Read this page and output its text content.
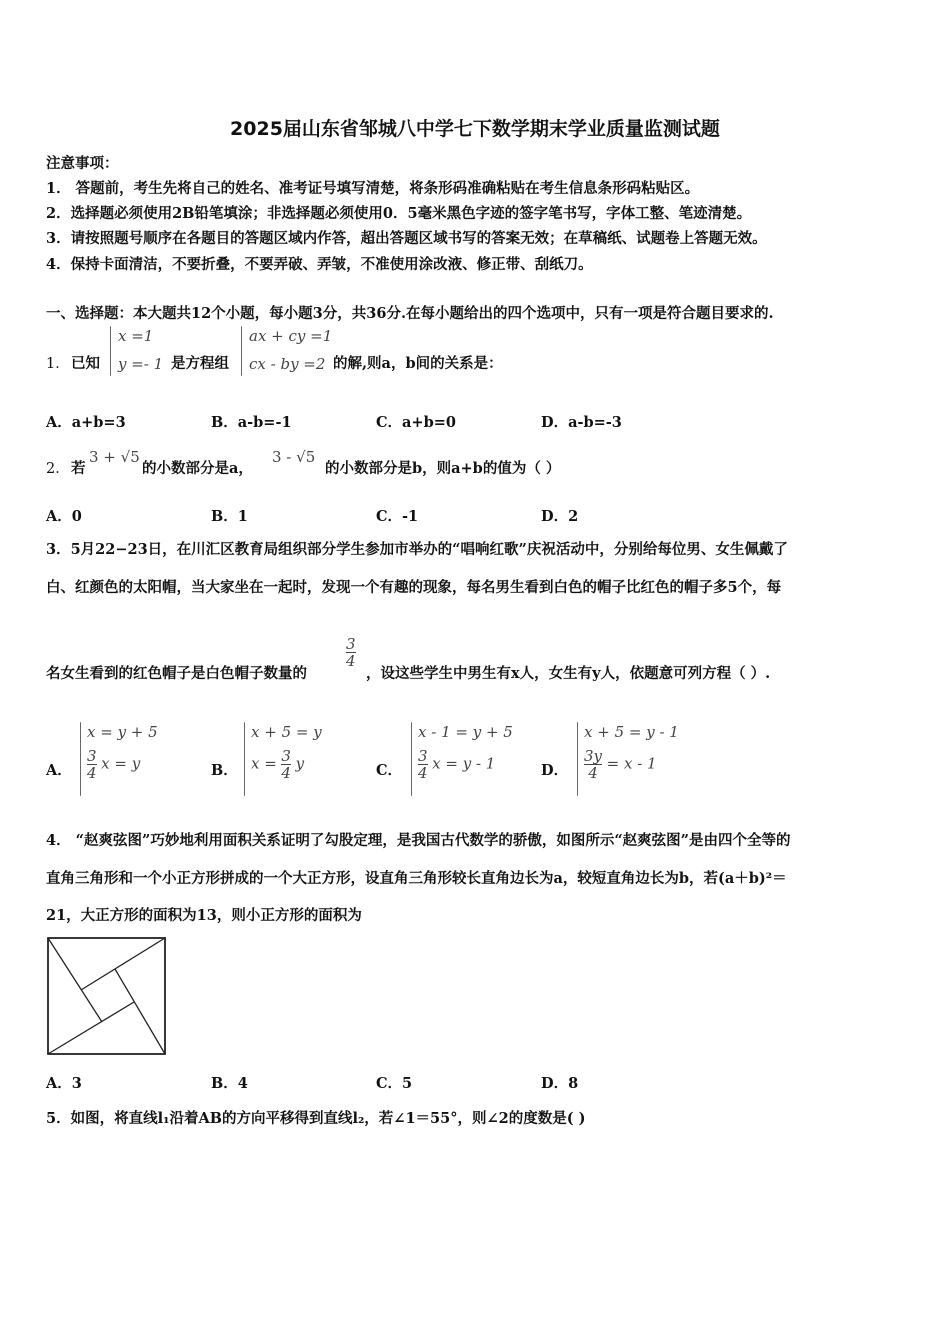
2025届山东省邹城八中学七下数学期末学业质量监测试题
注意事项：
1． 答题前，考生先将自己的姓名、准考证号填写清楚，将条形码准确粘贴在考生信息条形码粘贴区。
2．选择题必须使用2B铅笔填涂；非选择题必须使用0．5毫米黑色字迹的签字笔书写，字体工整、笔迹清楚。
3．请按照题号顺序在各题目的答题区域内作答，超出答题区域书写的答案无效；在草稿纸、试题卷上答题无效。
4．保持卡面清洁，不要折叠，不要弄破、弄皱，不准使用涂改液、修正带、刮纸刀。
一、选择题：本大题共12个小题，每小题3分，共36分.在每小题给出的四个选项中，只有一项是符合题目要求的.
1． 已知
x =1
y =- 1 是方程组
ax + cy =1
cx - by =2 的解,则a，b间的关系是：
A．a+b=3	B．a-b=-1	C．a+b=0	D．a-b=-3
2． 若
3 + √5
的小数部分是a，
3 - √5
的小数部分是b，则a+b的值为（ ）
A．0	B．1	C．-1	D．2
3．5月22−23日，在川汇区教育局组织部分学生参加市举办的“唱响红歌”庆祝活动中，分别给每位男、女生佩戴了
白、红颜色的太阳帽，当大家坐在一起时，发现一个有趣的现象，每名男生看到白色的帽子比红色的帽子多5个，每
名女生看到的红色帽子是白色帽子数量的
$\frac{3}{4}$
，设这些学生中男生有x人，女生有y人，依题意可列方程（ ）.
A．
x = y + 5
$\frac{3}{4}$ x = y	B．
x + 5 = y
$x = \frac{3}{4}$ y	C．
x - 1 = y + 5
$\frac{3}{4}$ x = y - 1	D．
x + 5 = y - 1
$\frac{3y}{4} = x - 1$
4． “赵爽弦图”巧妙地利用面积关系证明了勾股定理，是我国古代数学的骄傲，如图所示“赵爽弦图”是由四个全等的
直角三角形和一个小正方形拼成的一个大正方形，设直角三角形较长直角边长为a，较短直角边长为b，若(a＋b)²＝
21，大正方形的面积为13，则小正方形的面积为
A．3	B．4	C．5	D．8
5．如图，将直线l₁沿着AB的方向平移得到直线l₂，若∠1＝55°，则∠2的度数是( )
